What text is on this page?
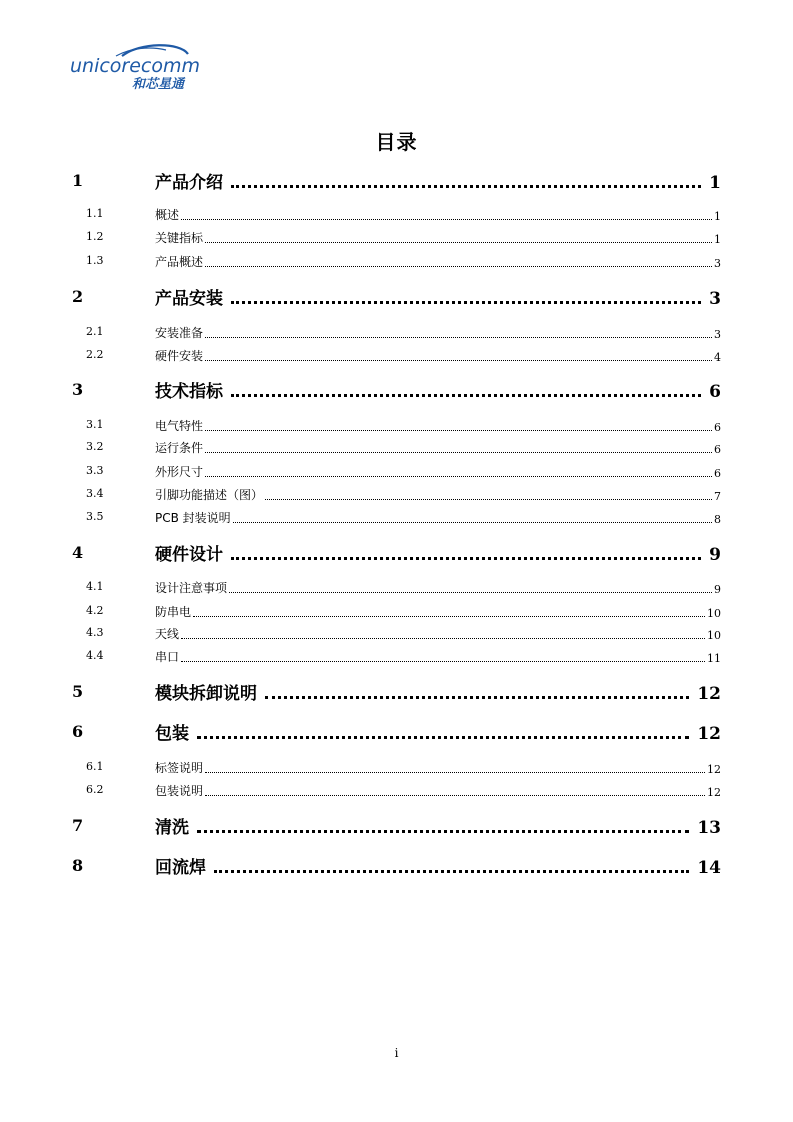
unicorecomm
和芯星通
目录
1	产品介绍	1
1.1	概述	1
1.2	关键指标	1
1.3	产品概述	3
2	产品安装	3
2.1	安装准备	3
2.2	硬件安装	4
3	技术指标	6
3.1	电气特性	6
3.2	运行条件	6
3.3	外形尺寸	6
3.4	引脚功能描述（图）	7
3.5	PCB 封装说明	8
4	硬件设计	9
4.1	设计注意事项	9
4.2	防串电	10
4.3	天线	10
4.4	串口	11
5	模块拆卸说明	12
6	包装	12
6.1	标签说明	12
6.2	包装说明	12
7	清洗	13
8	回流焊	14
i
